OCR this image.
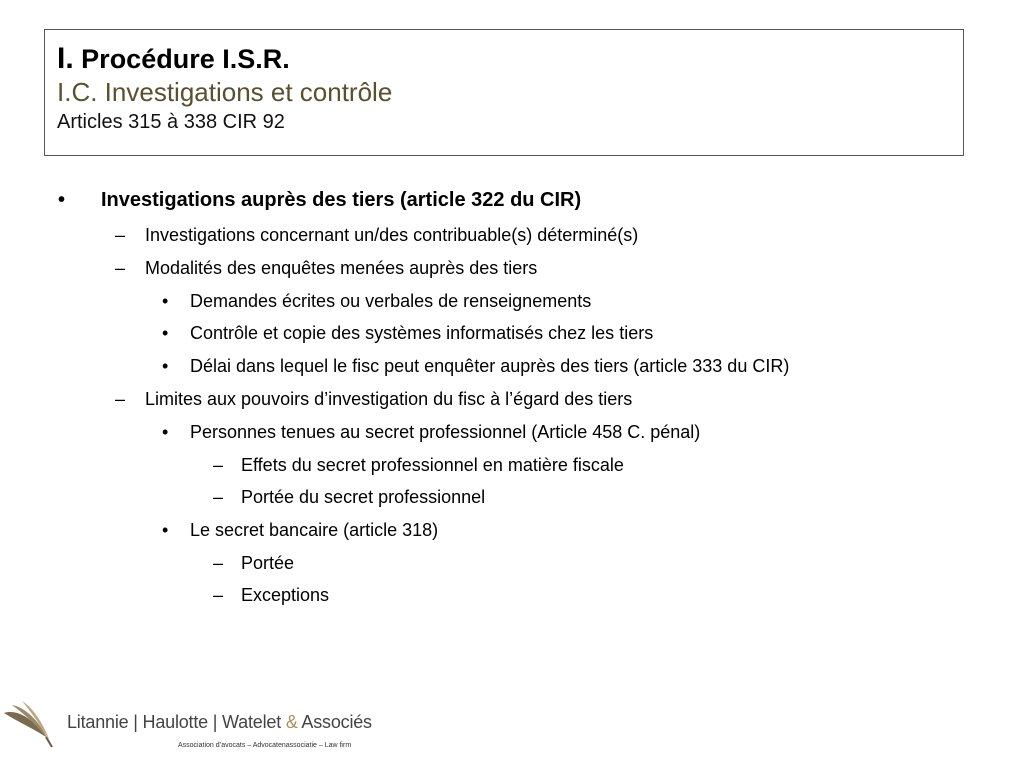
I. Procédure I.S.R.
I.C. Investigations et contrôle
Articles 315 à 338 CIR 92
• Investigations auprès des tiers (article 322 du CIR)
– Investigations concernant un/des contribuable(s) déterminé(s)
– Modalités des enquêtes menées auprès des tiers
• Demandes écrites ou verbales de renseignements
• Contrôle et copie des systèmes informatisés chez les tiers
• Délai dans lequel le fisc peut enquêter auprès des tiers (article 333 du CIR)
– Limites aux pouvoirs d’investigation du fisc à l’égard des tiers
• Personnes tenues au secret professionnel (Article 458 C. pénal)
– Effets du secret professionnel en matière fiscale
– Portée du secret professionnel
• Le secret bancaire (article 318)
– Portée
– Exceptions
Litannie | Haulotte | Watelet & Associés
Association d’avocats – Advocatenassociatie – Law firm
